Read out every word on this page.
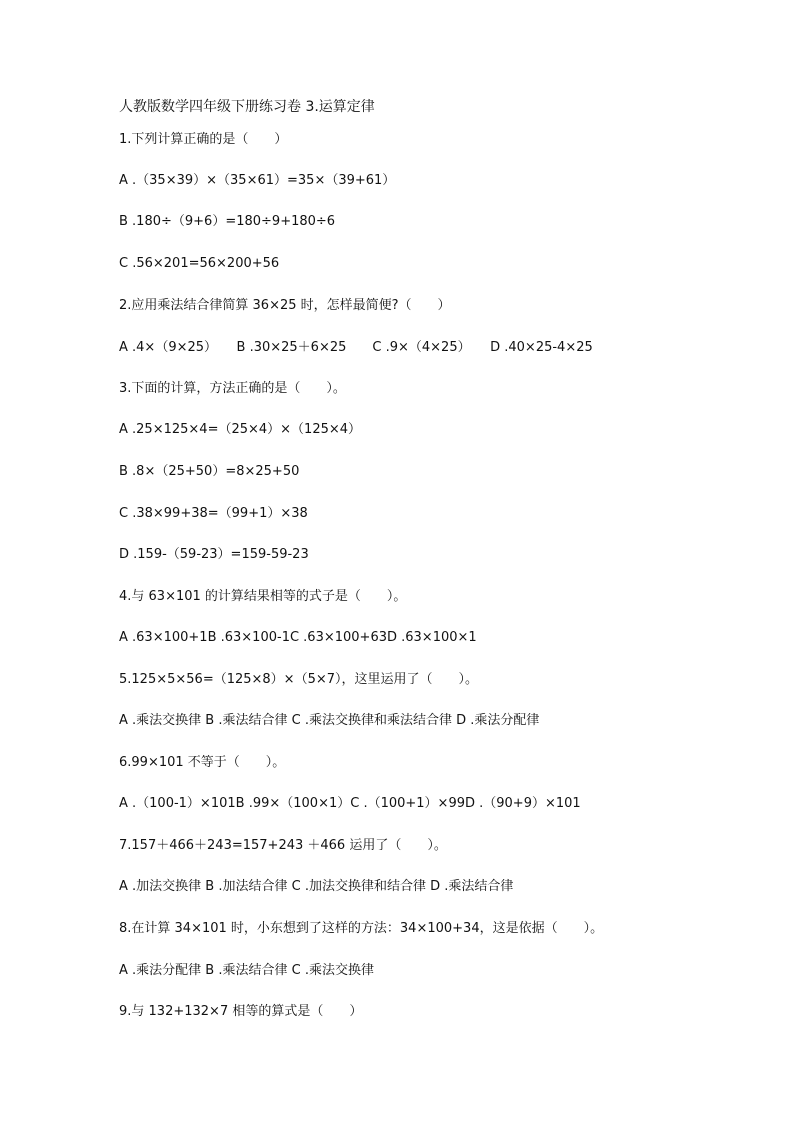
人教版数学四年级下册练习卷 3.运算定律
1.下列计算正确的是（　　）
A .（35×39）×（35×61）=35×（39+61）
B .180÷（9+6）=180÷9+180÷6
C .56×201=56×200+56
2.应用乘法结合律简算 36×25 时，怎样最简便?（　　）
A .4×（9×25）　　B .30×25＋6×25　　C .9×（4×25）　　D .40×25-4×25
3.下面的计算，方法正确的是（　　）。
A .25×125×4=（25×4）×（125×4）
B .8×（25+50）=8×25+50
C .38×99+38=（99+1）×38
D .159-（59-23）=159-59-23
4.与 63×101 的计算结果相等的式子是（　　）。
A .63×100+1B .63×100-1C .63×100+63D .63×100×1
5.125×5×56=（125×8）×（5×7），这里运用了（　　）。
A .乘法交换律 B .乘法结合律 C .乘法交换律和乘法结合律 D .乘法分配律
6.99×101 不等于（　　）。
A .（100-1）×101B .99×（100×1）C .（100+1）×99D .（90+9）×101
7.157＋466＋243=157+243 ＋466 运用了（　　）。
A .加法交换律 B .加法结合律 C .加法交换律和结合律 D .乘法结合律
8.在计算 34×101 时，小东想到了这样的方法：34×100+34，这是依据（　　）。
A .乘法分配律 B .乘法结合律 C .乘法交换律
9.与 132+132×7 相等的算式是（　　）
